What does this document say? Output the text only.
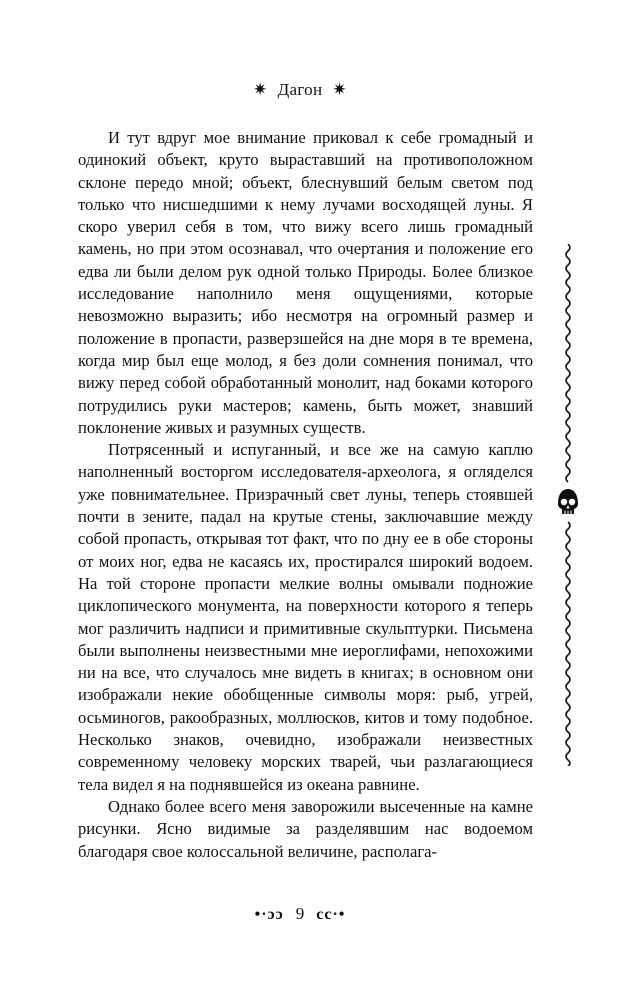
✷ Дагон ✷

И тут вдруг мое внимание приковал к себе громадный и одинокий объект, круто выраставший на противоположном склоне передо мной; объект, блеснувший белым светом под только что нисшедшими к нему лучами восходящей луны. Я скоро уверил себя в том, что вижу всего лишь громадный камень, но при этом осознавал, что очертания и положение его едва ли были делом рук одной только Природы. Более близкое исследование наполнило меня ощущениями, которые невозможно выразить; ибо несмотря на огромный размер и положение в пропасти, разверзшейся на дне моря в те времена, когда мир был еще молод, я без доли сомнения понимал, что вижу перед собой обработанный монолит, над боками которого потрудились руки мастеров; камень, быть может, знавший поклонение живых и разумных существ.

Потрясенный и испуганный, и все же на самую каплю наполненный восторгом исследователя-археолога, я огляделся уже повнимательнее. Призрачный свет луны, теперь стоявшей почти в зените, падал на крутые стены, заключавшие между собой пропасть, открывая тот факт, что по дну ее в обе стороны от моих ног, едва не касаясь их, простирался широкий водоем. На той стороне пропасти мелкие волны омывали подножие циклопического монумента, на поверхности которого я теперь мог различить надписи и примитивные скульптурки. Письмена были выполнены неизвестными мне иероглифами, непохожими ни на все, что случалось мне видеть в книгах; в основном они изображали некие обобщенные символы моря: рыб, угрей, осьминогов, ракообразных, моллюсков, китов и тому подобное. Несколько знаков, очевидно, изображали неизвестных современному человеку морских тварей, чьи разлагающиеся тела видел я на поднявшейся из океана равнине.

Однако более всего меня заворожили высеченные на камне рисунки. Ясно видимые за разделявшим нас водоемом благодаря свое колоссальной величине, располага-

•·ɔɔ 9 cc·•
